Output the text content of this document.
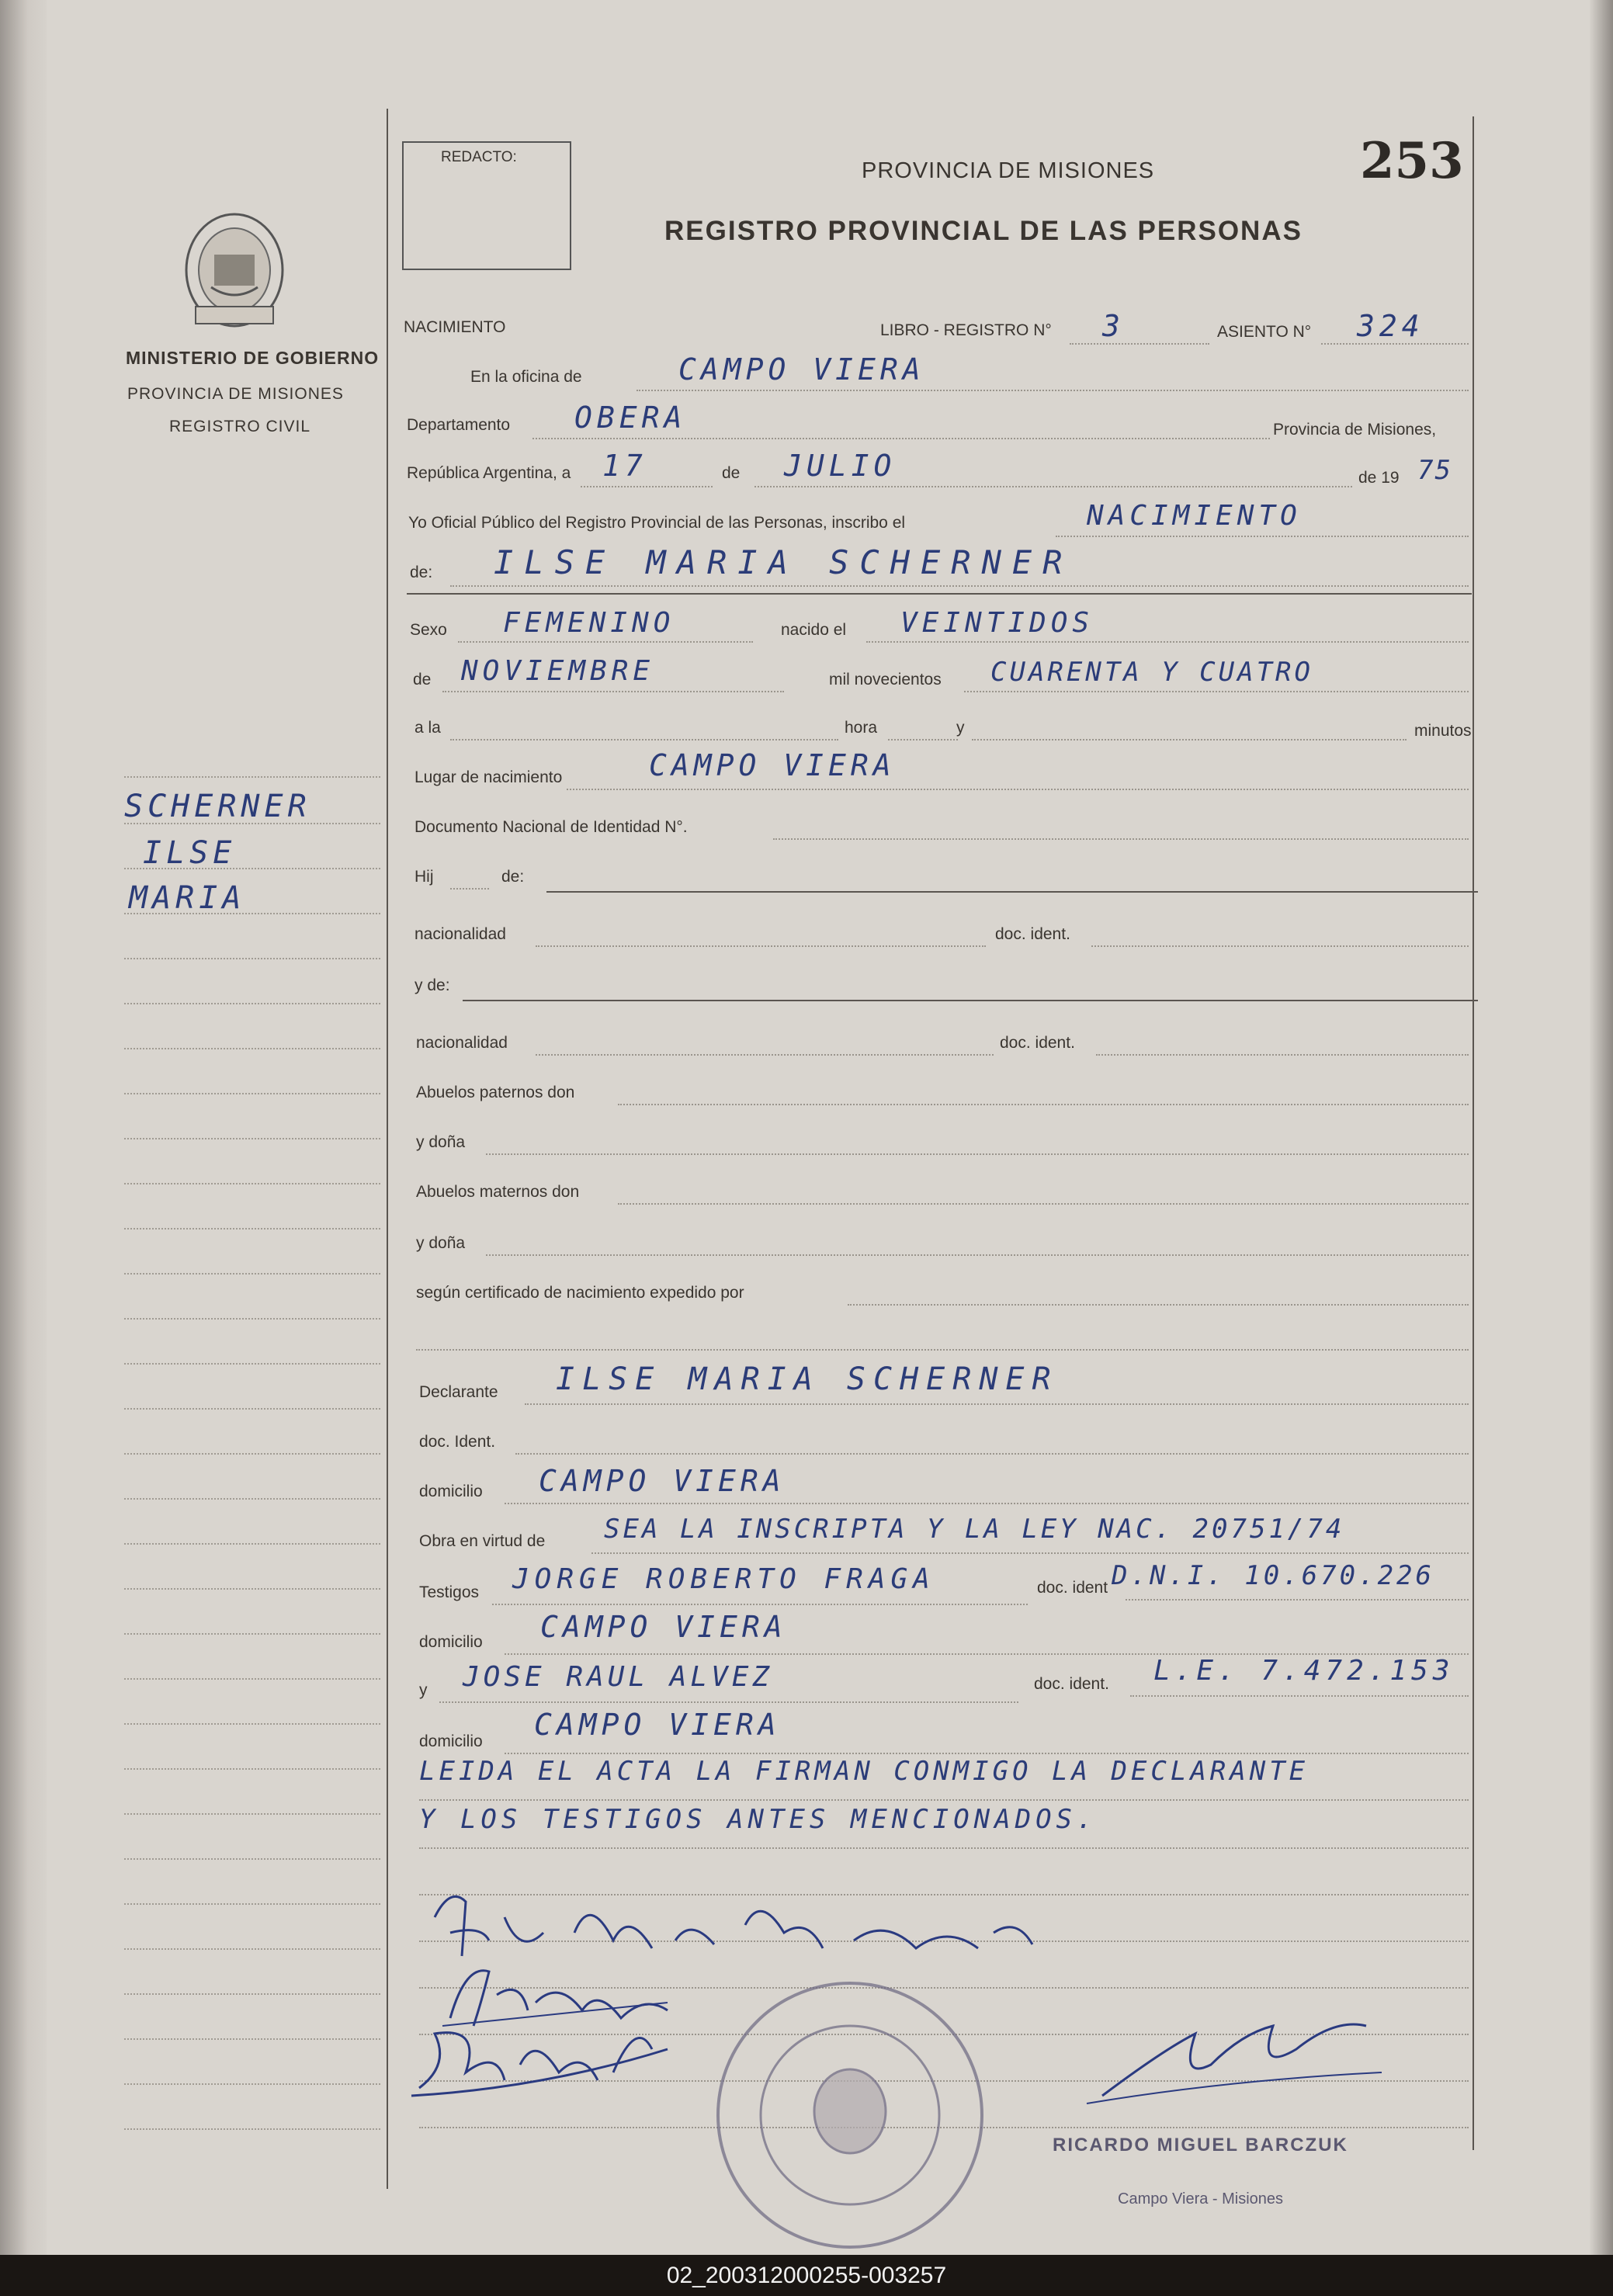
MINISTERIO DE GOBIERNO
PROVINCIA DE MISIONES
REGISTRO CIVIL
SCHERNER
ILSE
MARIA
REDACTO:
PROVINCIA DE MISIONES	253
REGISTRO PROVINCIAL DE LAS PERSONAS
NACIMIENTO	LIBRO - REGISTRO N° 3	ASIENTO N° 324
En la oficina de	CAMPO VIERA
Departamento OBERA	Provincia de Misiones,
República Argentina, a 17	de JULIO	de 19 75
Yo Oficial Público del Registro Provincial de las Personas, inscribo el	NACIMIENTO
de: ILSE MARIA SCHERNER
Sexo FEMENINO	nacido el VEINTIDOS
de NOVIEMBRE	mil novecientos CUARENTA Y CUATRO
a la	hora	y	minutos
Lugar de nacimiento	CAMPO VIERA
Documento Nacional de Identidad N°.
Hij	de:
nacionalidad	doc. ident.
y de:
nacionalidad	doc. ident.
Abuelos paternos don
y doña
Abuelos maternos don
y doña
según certificado de nacimiento expedido por
Declarante ILSE MARIA SCHERNER
doc. Ident.
domicilio CAMPO VIERA
Obra en virtud de SEA LA INSCRIPTA Y LA LEY NAC. 20751/74
Testigos JORGE ROBERTO FRAGA	doc. ident D.N.I. 10.670.226
domicilio CAMPO VIERA
y JOSE RAUL ALVEZ	doc. ident. L.E. 7.472.153
domicilio CAMPO VIERA
LEIDA EL ACTA LA FIRMAN CONMIGO LA DECLARANTE
Y LOS TESTIGOS ANTES MENCIONADOS.
RICARDO MIGUEL BARCZUK
Campo Viera - Misiones
02_200312000255-003257
